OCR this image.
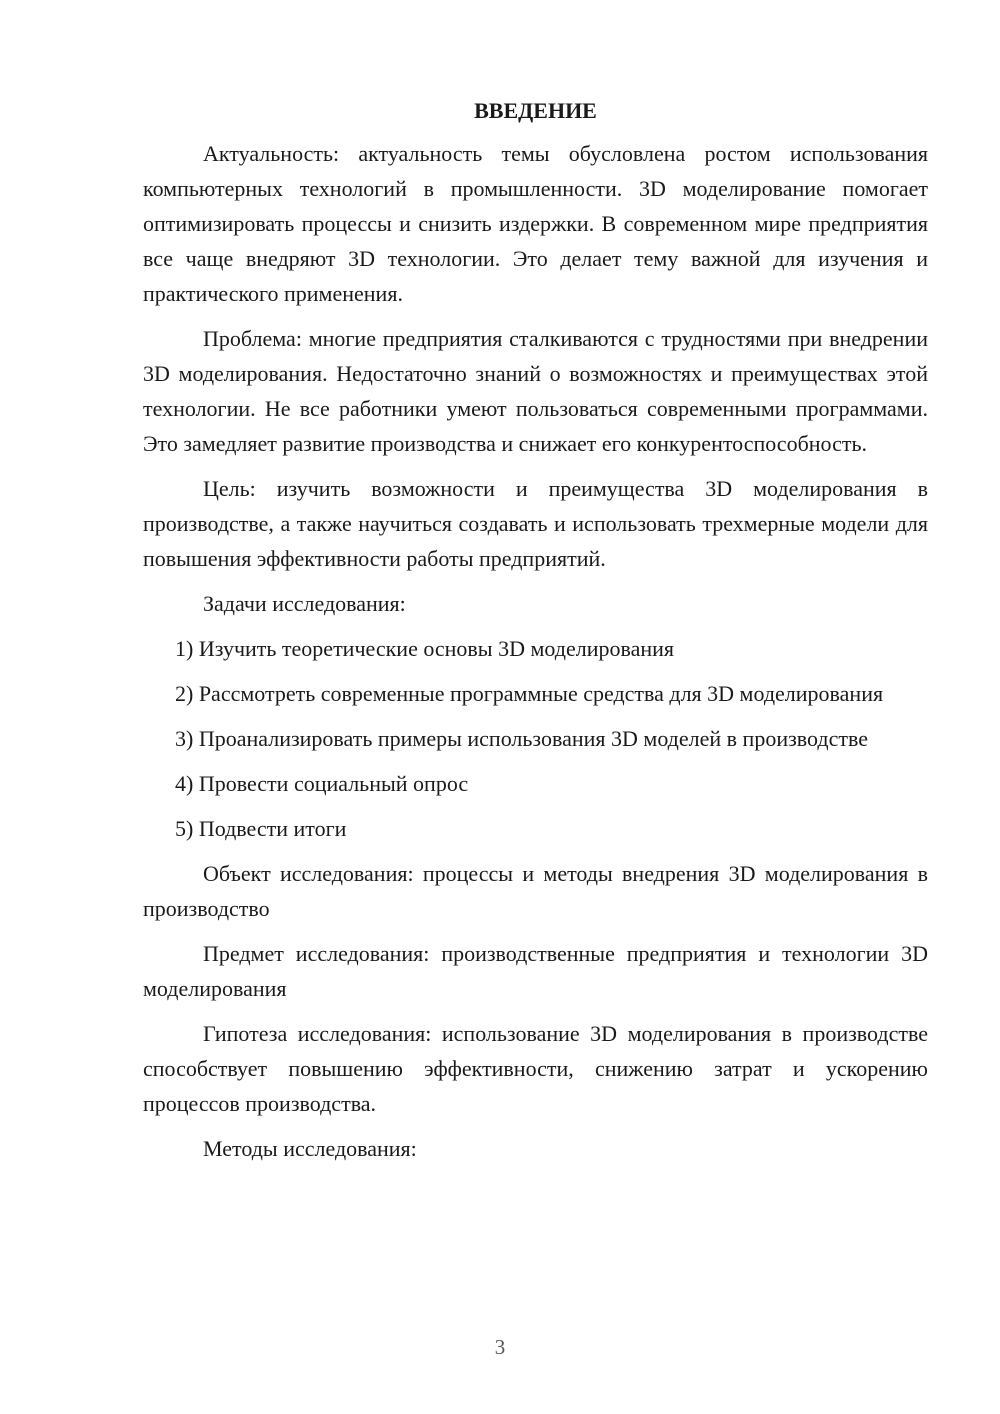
ВВЕДЕНИЕ

Актуальность: актуальность темы обусловлена ростом использования компьютерных технологий в промышленности. 3D моделирование помогает оптимизировать процессы и снизить издержки. В современном мире предприятия все чаще внедряют 3D технологии. Это делает тему важной для изучения и практического применения.

Проблема: многие предприятия сталкиваются с трудностями при внедрении 3D моделирования. Недостаточно знаний о возможностях и преимуществах этой технологии. Не все работники умеют пользоваться современными программами. Это замедляет развитие производства и снижает его конкурентоспособность.

Цель: изучить возможности и преимущества 3D моделирования в производстве, а также научиться создавать и использовать трехмерные модели для повышения эффективности работы предприятий.

Задачи исследования:

1) Изучить теоретические основы 3D моделирования

2) Рассмотреть современные программные средства для 3D моделирования

3) Проанализировать примеры использования 3D моделей в производстве

4) Провести социальный опрос

5) Подвести итоги

Объект исследования: процессы и методы внедрения 3D моделирования в производство

Предмет исследования: производственные предприятия и технологии 3D моделирования

Гипотеза исследования: использование 3D моделирования в производстве способствует повышению эффективности, снижению затрат и ускорению процессов производства.

Методы исследования:

3
